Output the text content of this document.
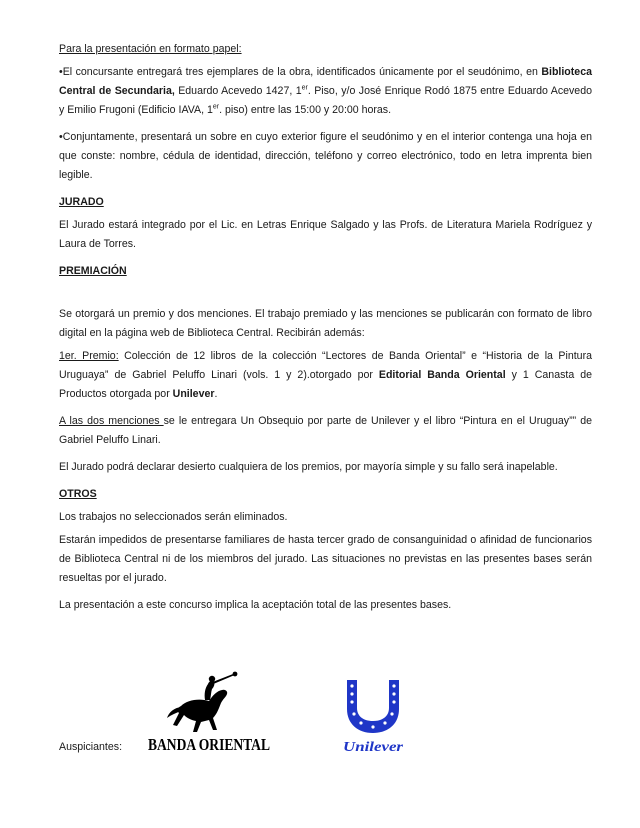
Para la presentación en formato papel:

•El concursante entregará tres ejemplares de la obra, identificados únicamente por el seudónimo, en Biblioteca Central de Secundaria, Eduardo Acevedo 1427, 1er. Piso, y/o José Enrique Rodó 1875 entre Eduardo Acevedo y Emilio Frugoni (Edificio IAVA, 1er. piso) entre las 15:00 y 20:00 horas.

•Conjuntamente, presentará un sobre en cuyo exterior figure el seudónimo y en el interior contenga una hoja en que conste: nombre, cédula de identidad, dirección, teléfono y correo electrónico, todo en letra imprenta bien legible.

JURADO

El Jurado estará integrado por el Lic. en Letras Enrique Salgado y las Profs. de Literatura Mariela Rodríguez y Laura de Torres.

PREMIACIÓN

Se otorgará un premio y dos menciones. El trabajo premiado y las menciones se publicarán con formato de libro digital en la página web de Biblioteca Central. Recibirán además:

1er. Premio: Colección de 12 libros de la colección “Lectores de Banda Oriental” e “Historia de la Pintura Uruguaya” de Gabriel Peluffo Linari (vols. 1 y 2).otorgado por Editorial Banda Oriental y 1 Canasta de Productos otorgada por Unilever.

A las dos menciones se le entregara Un Obsequio por parte de Unilever y el libro “Pintura en el Uruguay”” de Gabriel Peluffo Linari.

El Jurado podrá declarar desierto cualquiera de los premios, por mayoría simple y su fallo será inapelable.

OTROS

Los trabajos no seleccionados serán eliminados.

Estarán impedidos de presentarse familiares de hasta tercer grado de consanguinidad o afinidad de funcionarios de Biblioteca Central ni de los miembros del jurado. Las situaciones no previstas en las presentes bases serán resueltas por el jurado.

La presentación a este concurso implica la aceptación total de las presentes bases.

Auspiciantes: BANDA ORIENTAL	Unilever
